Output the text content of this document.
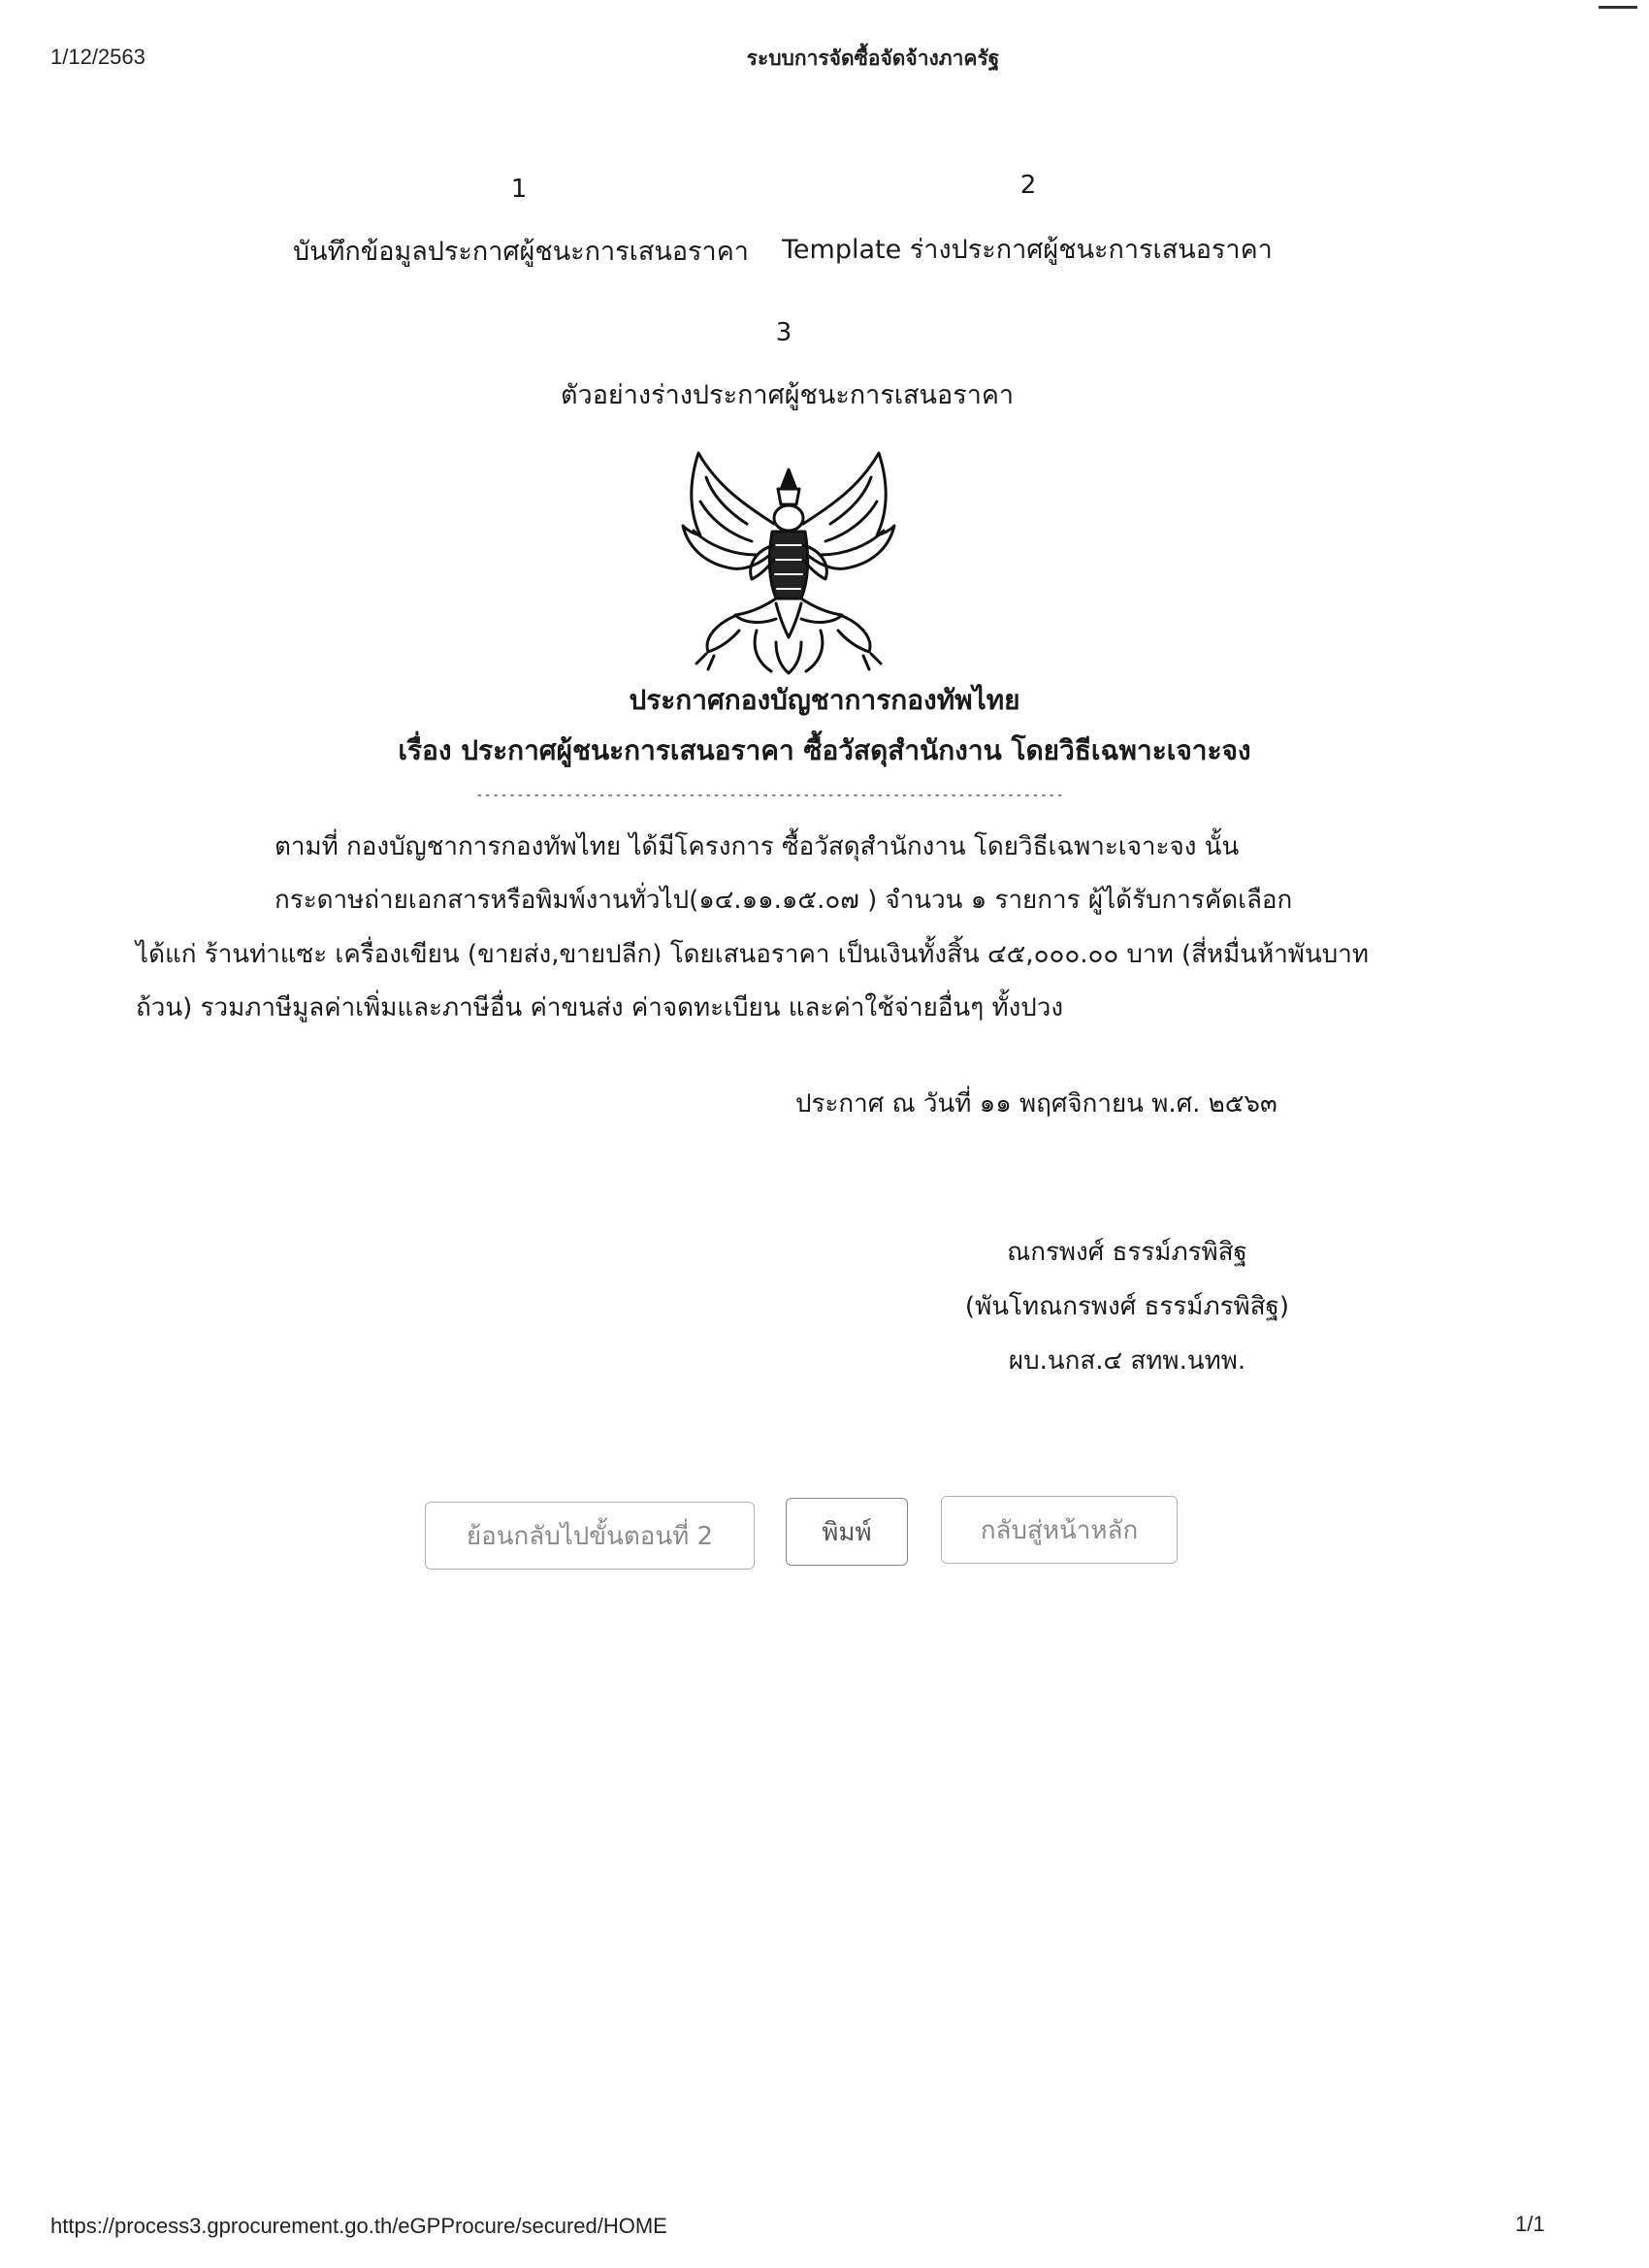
1/12/2563	ระบบการจัดซื้อจัดจ้างภาครัฐ
1	2
บันทึกข้อมูลประกาศผู้ชนะการเสนอราคา Template ร่างประกาศผู้ชนะการเสนอราคา
3
ตัวอย่างร่างประกาศผู้ชนะการเสนอราคา
ประกาศกองบัญชาการกองทัพไทย
เรื่อง ประกาศผู้ชนะการเสนอราคา ซื้อวัสดุสำนักงาน โดยวิธีเฉพาะเจาะจง
------------------------------------------------------------------------
ตามที่ กองบัญชาการกองทัพไทย ได้มีโครงการ ซื้อวัสดุสำนักงาน โดยวิธีเฉพาะเจาะจง นั้น
กระดาษถ่ายเอกสารหรือพิมพ์งานทั่วไป(๑๔.๑๑.๑๕.๐๗ ) จำนวน ๑ รายการ ผู้ได้รับการคัดเลือก
ได้แก่ ร้านท่าแซะ เครื่องเขียน (ขายส่ง,ขายปลีก) โดยเสนอราคา เป็นเงินทั้งสิ้น ๔๕,๐๐๐.๐๐ บาท (สี่หมื่นห้าพันบาท
ถ้วน) รวมภาษีมูลค่าเพิ่มและภาษีอื่น ค่าขนส่ง ค่าจดทะเบียน และค่าใช้จ่ายอื่นๆ ทั้งปวง
ประกาศ ณ วันที่ ๑๑ พฤศจิกายน พ.ศ. ๒๕๖๓
ณกรพงศ์ ธรรม์ภรพิสิฐ
(พันโทณกรพงศ์ ธรรม์ภรพิสิฐ)
ผบ.นกส.๔ สทพ.นทพ.
ย้อนกลับไปขั้นตอนที่ 2	พิมพ์	กลับสู่หน้าหลัก
https://process3.gprocurement.go.th/eGPProcure/secured/HOME	1/1
